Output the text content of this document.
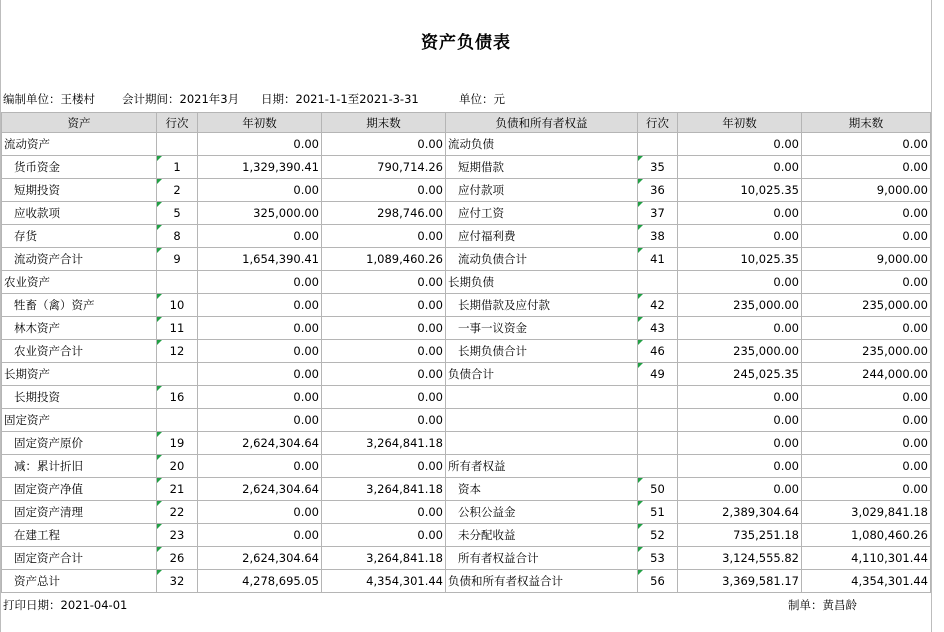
资产负债表
编制单位：王楼村 会计期间：2021年3月 日期：2021-1-1至2021-3-31	单位：元
资产	行次	年初数	期末数	负债和所有者权益	行次	年初数	期末数
流动资产		0.00	0.00	流动负债		0.00	0.00
货币资金	1	1,329,390.41	790,714.26	短期借款	35	0.00	0.00
短期投资	2	0.00	0.00	应付款项	36	10,025.35	9,000.00
应收款项	5	325,000.00	298,746.00	应付工资	37	0.00	0.00
存货	8	0.00	0.00	应付福利费	38	0.00	0.00
流动资产合计	9	1,654,390.41	1,089,460.26	流动负债合计	41	10,025.35	9,000.00
农业资产		0.00	0.00	长期负债		0.00	0.00
牲畜（禽）资产	10	0.00	0.00	长期借款及应付款	42	235,000.00	235,000.00
林木资产	11	0.00	0.00	一事一议资金	43	0.00	0.00
农业资产合计	12	0.00	0.00	长期负债合计	46	235,000.00	235,000.00
长期资产		0.00	0.00	负债合计	49	245,025.35	244,000.00
长期投资	16	0.00	0.00			0.00	0.00
固定资产		0.00	0.00			0.00	0.00
固定资产原价	19	2,624,304.64	3,264,841.18			0.00	0.00
减：累计折旧	20	0.00	0.00	所有者权益		0.00	0.00
固定资产净值	21	2,624,304.64	3,264,841.18	资本	50	0.00	0.00
固定资产清理	22	0.00	0.00	公积公益金	51	2,389,304.64	3,029,841.18
在建工程	23	0.00	0.00	未分配收益	52	735,251.18	1,080,460.26
固定资产合计	26	2,624,304.64	3,264,841.18	所有者权益合计	53	3,124,555.82	4,110,301.44
资产总计	32	4,278,695.05	4,354,301.44	负债和所有者权益合计	56	3,369,581.17	4,354,301.44
打印日期：2021-04-01	制单：黄昌龄
